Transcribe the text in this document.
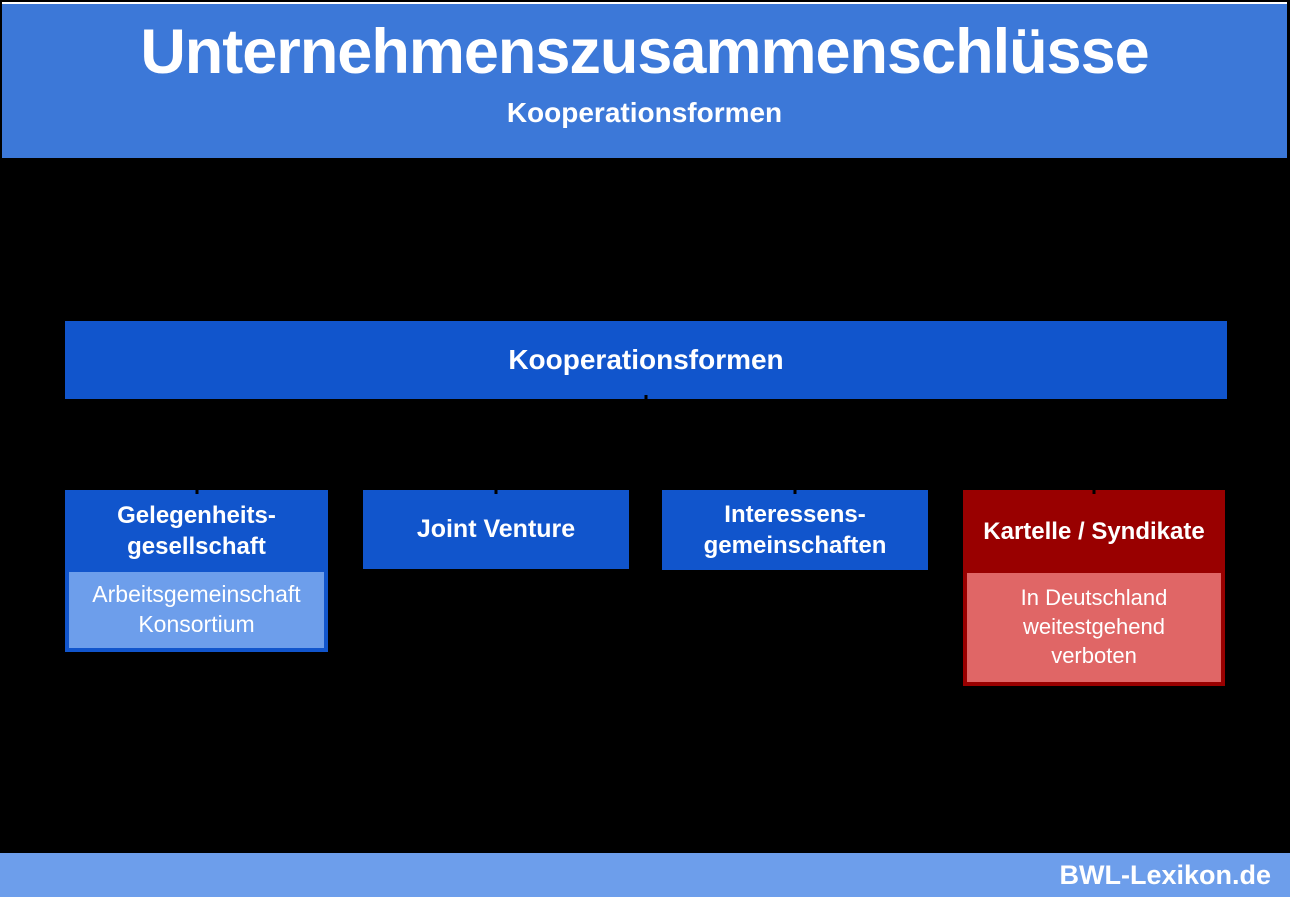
Unternehmenszusammenschlüsse
Kooperationsformen
Kooperationsformen
Gelegenheits-
gesellschaft
Arbeitsgemeinschaft
Konsortium
Joint Venture
Interessens-
gemeinschaften
Kartelle / Syndikate
In Deutschland
weitestgehend
verboten
BWL-Lexikon.de
